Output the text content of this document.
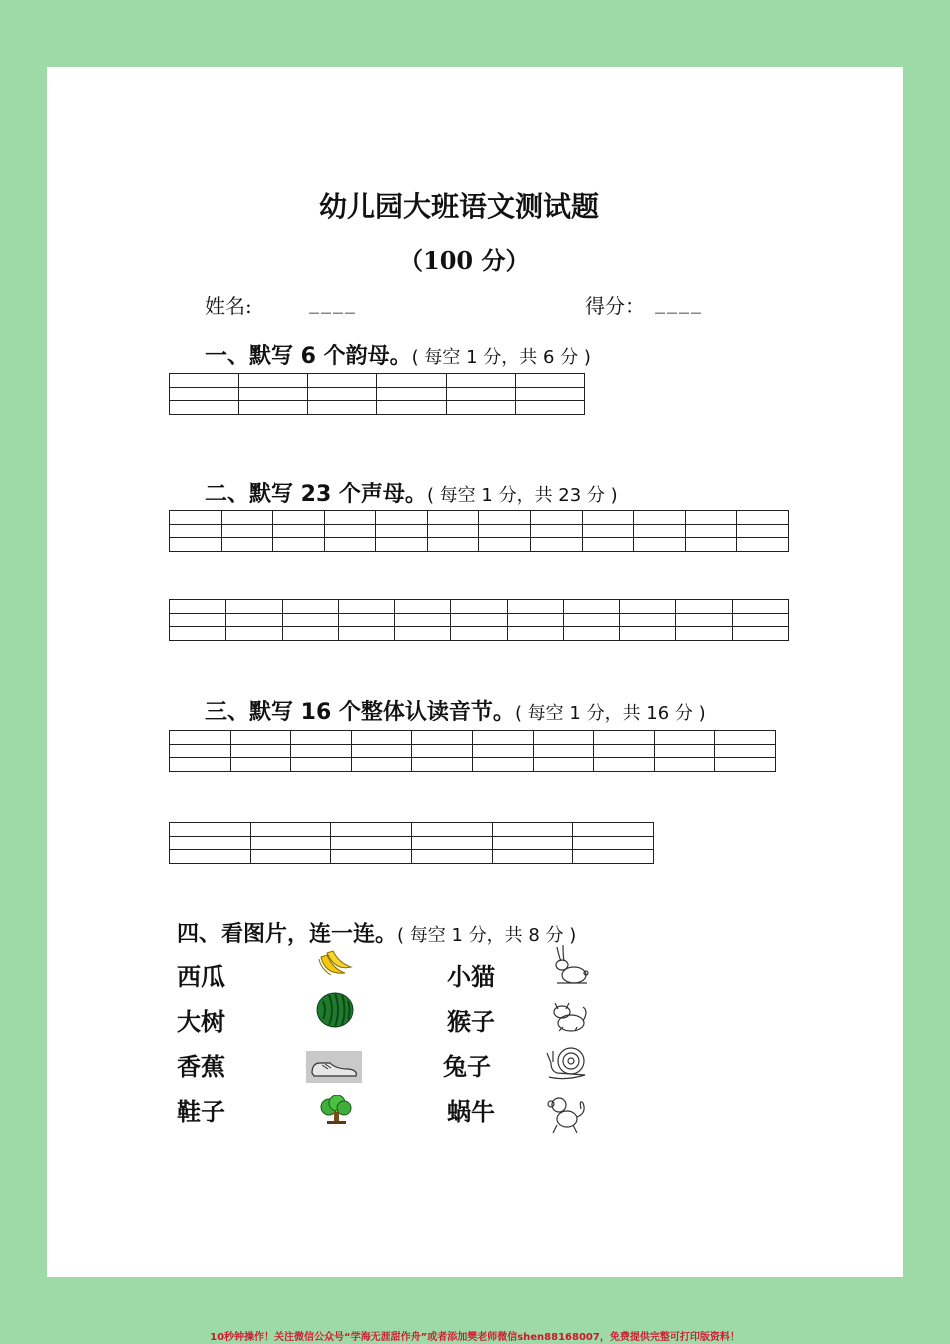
幼儿园大班语文测试题
（100 分）
姓名:	____	得分： ____
一、默写 6 个韵母。( 每空 1 分，共 6 分 )

二、默写 23 个声母。( 每空 1 分，共 23 分 )

三、默写 16 个整体认读音节。( 每空 1 分，共 16 分 )

四、看图片，连一连。( 每空 1 分，共 8 分 )
西瓜
大树
香蕉
鞋子
小猫
猴子
兔子
蜗牛
10秒钟操作！关注微信公众号“学海无涯甜作舟”或者添加樊老师微信shen88168007，免费提供完整可打印版资料！
